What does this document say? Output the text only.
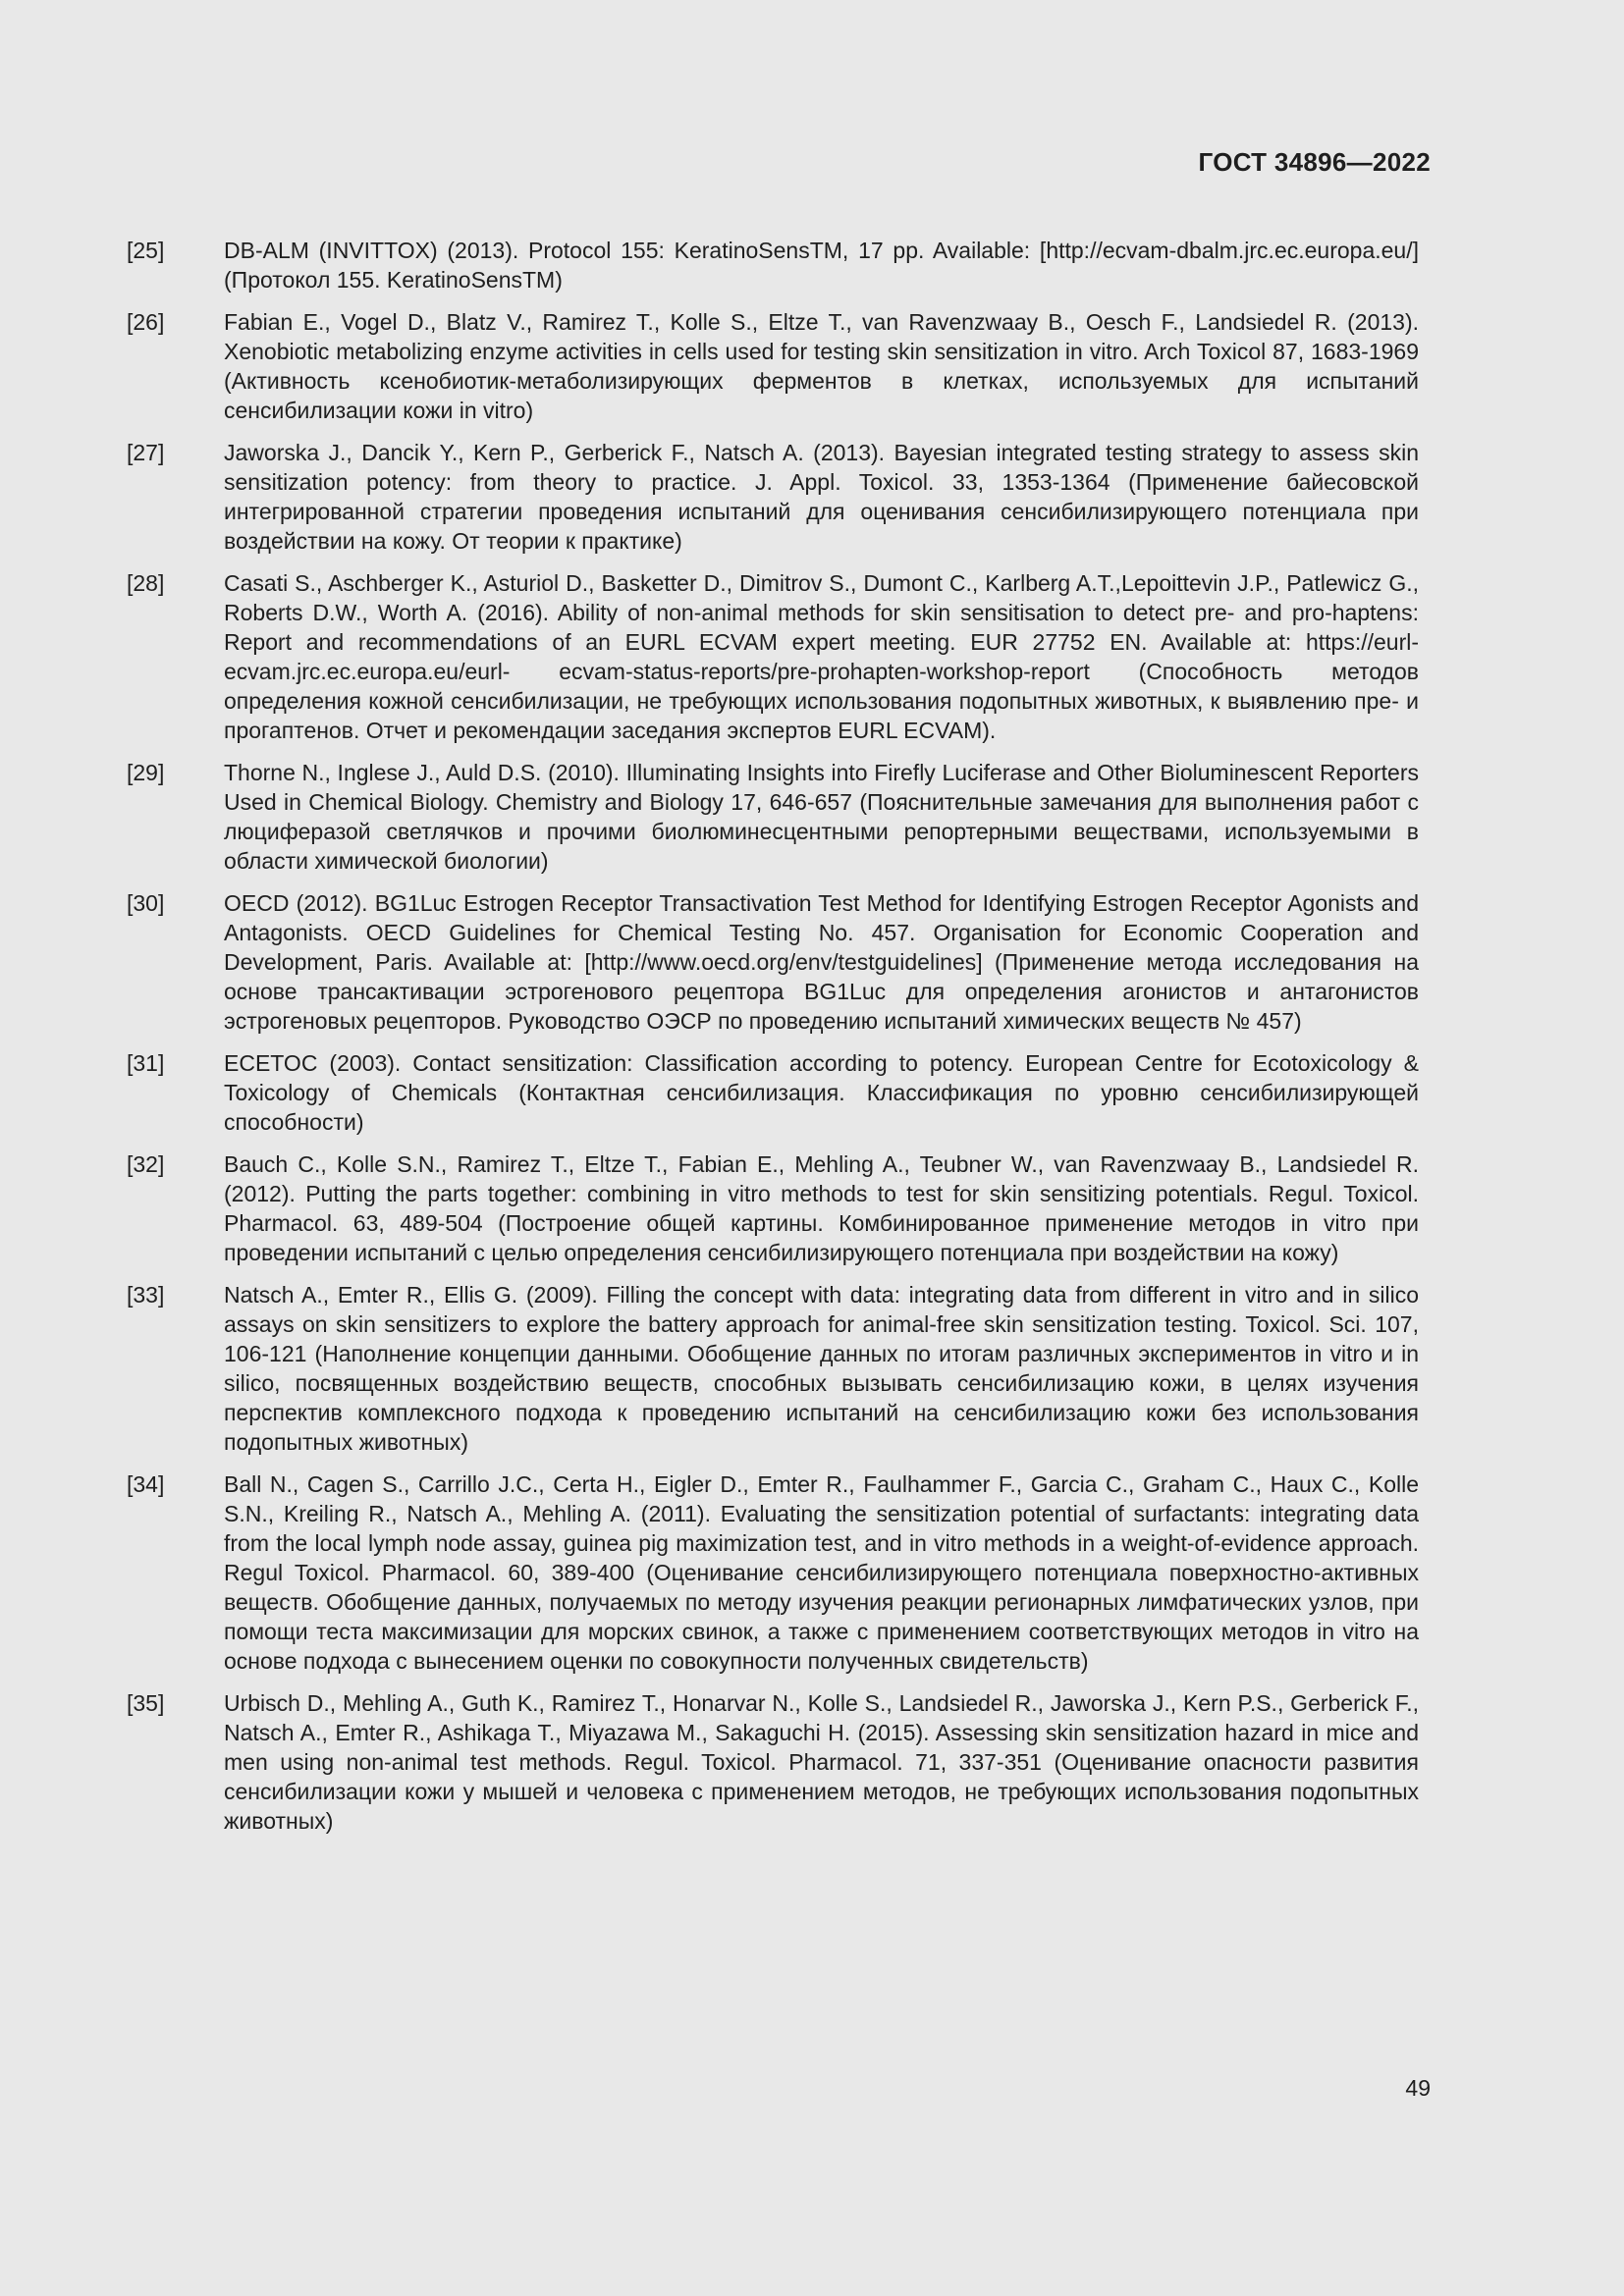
ГОСТ 34896—2022
[25]	DB-ALM (INVITTOX) (2013). Protocol 155: KeratinoSensTM, 17 pp. Available: [http://ecvam-dbalm.jrc.ec.europa.eu/] (Протокол 155. KeratinoSensTM)
[26]	Fabian E., Vogel D., Blatz V., Ramirez T., Kolle S., Eltze T., van Ravenzwaay B., Oesch F., Landsiedel R. (2013). Xenobiotic metabolizing enzyme activities in cells used for testing skin sensitization in vitro. Arch Toxicol 87, 1683-1969 (Активность ксенобиотик-метаболизирующих ферментов в клетках, используемых для испытаний сенсибилизации кожи in vitro)
[27]	Jaworska J., Dancik Y., Kern P., Gerberick F., Natsch A. (2013). Bayesian integrated testing strategy to assess skin sensitization potency: from theory to practice. J. Appl. Toxicol. 33, 1353-1364 (Применение байесовской интегрированной стратегии проведения испытаний для оценивания сенсибилизирующего потенциала при воздействии на кожу. От теории к практике)
[28]	Casati S., Aschberger K., Asturiol D., Basketter D., Dimitrov S., Dumont C., Karlberg A.T.,Lepoittevin J.P., Patlewicz G., Roberts D.W., Worth A. (2016). Ability of non-animal methods for skin sensitisation to detect pre- and pro-haptens: Report and recommendations of an EURL ECVAM expert meeting. EUR 27752 EN. Available at: https://eurl-ecvam.jrc.ec.europa.eu/eurl- ecvam-status-reports/pre-prohapten-workshop-report (Способность методов определения кожной сенсибилизации, не требующих использования подопытных животных, к выявлению пре- и прогаптенов. Отчет и рекомендации заседания экспертов EURL ECVAM).
[29]	Thorne N., Inglese J., Auld D.S. (2010). Illuminating Insights into Firefly Luciferase and Other Bioluminescent Reporters Used in Chemical Biology. Chemistry and Biology 17, 646-657 (Пояснительные замечания для выполнения работ с люциферазой светлячков и прочими биолюминесцентными репортерными веществами, используемыми в области химической биологии)
[30]	OECD (2012). BG1Luc Estrogen Receptor Transactivation Test Method for Identifying Estrogen Receptor Agonists and Antagonists. OECD Guidelines for Chemical Testing No. 457. Organisation for Economic Cooperation and Development, Paris. Available at: [http://www.oecd.org/env/testguidelines] (Применение метода исследования на основе трансактивации эстрогенового рецептора BG1Luc для определения агонистов и антагонистов эстрогеновых рецепторов. Руководство ОЭСР по проведению испытаний химических веществ № 457)
[31]	ECETOC (2003). Contact sensitization: Classification according to potency. European Centre for Ecotoxicology & Toxicology of Chemicals (Контактная сенсибилизация. Классификация по уровню сенсибилизирующей способности)
[32]	Bauch C., Kolle S.N., Ramirez T., Eltze T., Fabian E., Mehling A., Teubner W., van Ravenzwaay B., Landsiedel R. (2012). Putting the parts together: combining in vitro methods to test for skin sensitizing potentials. Regul. Toxicol. Pharmacol. 63, 489-504 (Построение общей картины. Комбинированное применение методов in vitro при проведении испытаний с целью определения сенсибилизирующего потенциала при воздействии на кожу)
[33]	Natsch A., Emter R., Ellis G. (2009). Filling the concept with data: integrating data from different in vitro and in silico assays on skin sensitizers to explore the battery approach for animal-free skin sensitization testing. Toxicol. Sci. 107, 106-121 (Наполнение концепции данными. Обобщение данных по итогам различных экспериментов in vitro и in silico, посвященных воздействию веществ, способных вызывать сенсибилизацию кожи, в целях изучения перспектив комплексного подхода к проведению испытаний на сенсибилизацию кожи без использования подопытных животных)
[34]	Ball N., Cagen S., Carrillo J.C., Certa H., Eigler D., Emter R., Faulhammer F., Garcia C., Graham C., Haux C., Kolle S.N., Kreiling R., Natsch A., Mehling A. (2011). Evaluating the sensitization potential of surfactants: integrating data from the local lymph node assay, guinea pig maximization test, and in vitro methods in a weight-of-evidence approach. Regul Toxicol. Pharmacol. 60, 389-400 (Оценивание сенсибилизирующего потенциала поверхностно-активных веществ. Обобщение данных, получаемых по методу изучения реакции регионарных лимфатических узлов, при помощи теста максимизации для морских свинок, а также с применением соответствующих методов in vitro на основе подхода с вынесением оценки по совокупности полученных свидетельств)
[35]	Urbisch D., Mehling A., Guth K., Ramirez T., Honarvar N., Kolle S., Landsiedel R., Jaworska J., Kern P.S., Gerberick F., Natsch A., Emter R., Ashikaga T., Miyazawa M., Sakaguchi H. (2015). Assessing skin sensitization hazard in mice and men using non-animal test methods. Regul. Toxicol. Pharmacol. 71, 337-351 (Оценивание опасности развития сенсибилизации кожи у мышей и человека с применением методов, не требующих использования подопытных животных)
49
